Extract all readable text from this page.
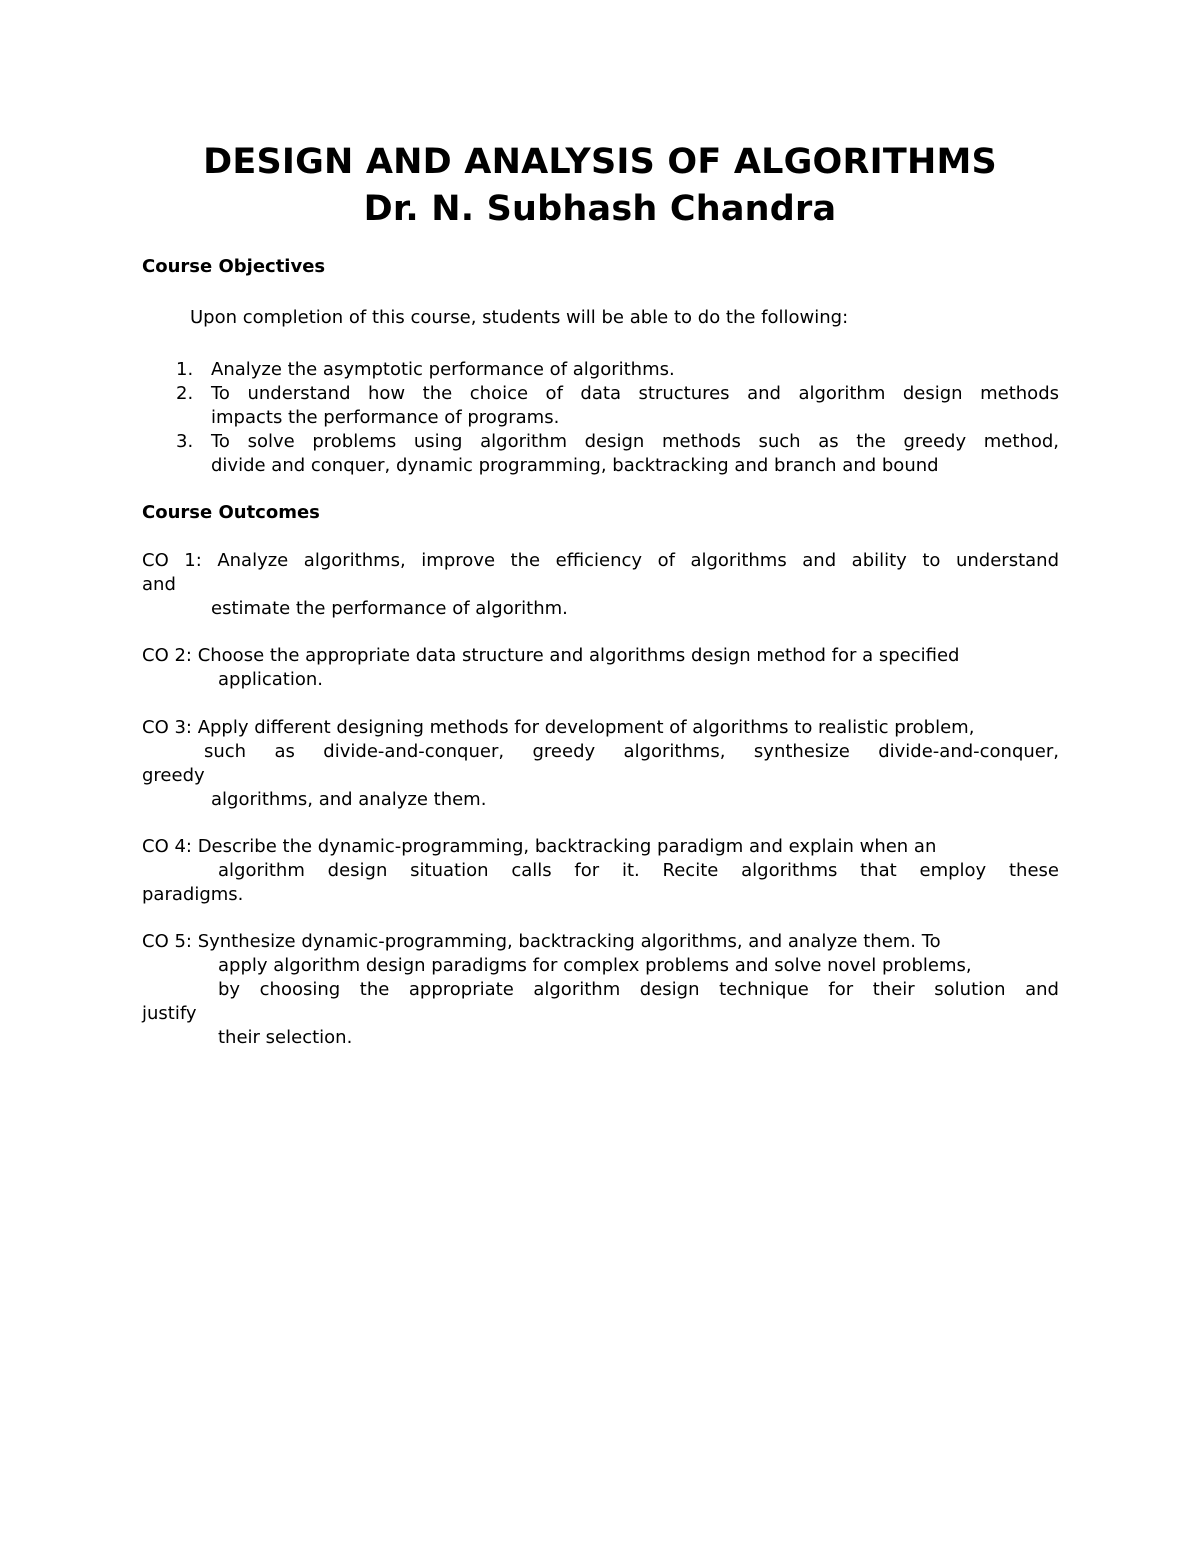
DESIGN AND ANALYSIS OF ALGORITHMS
Dr. N. Subhash Chandra
Course Objectives
Upon completion of this course, students will be able to do the following:
1. Analyze the asymptotic performance of algorithms.
2. To understand how the choice of data structures and algorithm design methods
impacts the performance of programs.
3. To solve problems using algorithm design methods such as the greedy method,
divide and conquer, dynamic programming, backtracking and branch and bound
Course Outcomes
CO 1: Analyze algorithms, improve the efficiency of algorithms and ability to understand
and
estimate the performance of algorithm.
CO 2: Choose the appropriate data structure and algorithms design method for a specified
application.
CO 3: Apply different designing methods for development of algorithms to realistic problem,
such as divide-and-conquer, greedy algorithms, synthesize divide-and-conquer,
greedy
algorithms, and analyze them.
CO 4: Describe the dynamic-programming, backtracking paradigm and explain when an
algorithm design situation calls for it. Recite algorithms that employ these
paradigms.
CO 5: Synthesize dynamic-programming, backtracking algorithms, and analyze them. To
apply algorithm design paradigms for complex problems and solve novel problems,
by choosing the appropriate algorithm design technique for their solution and
justify
their selection.
